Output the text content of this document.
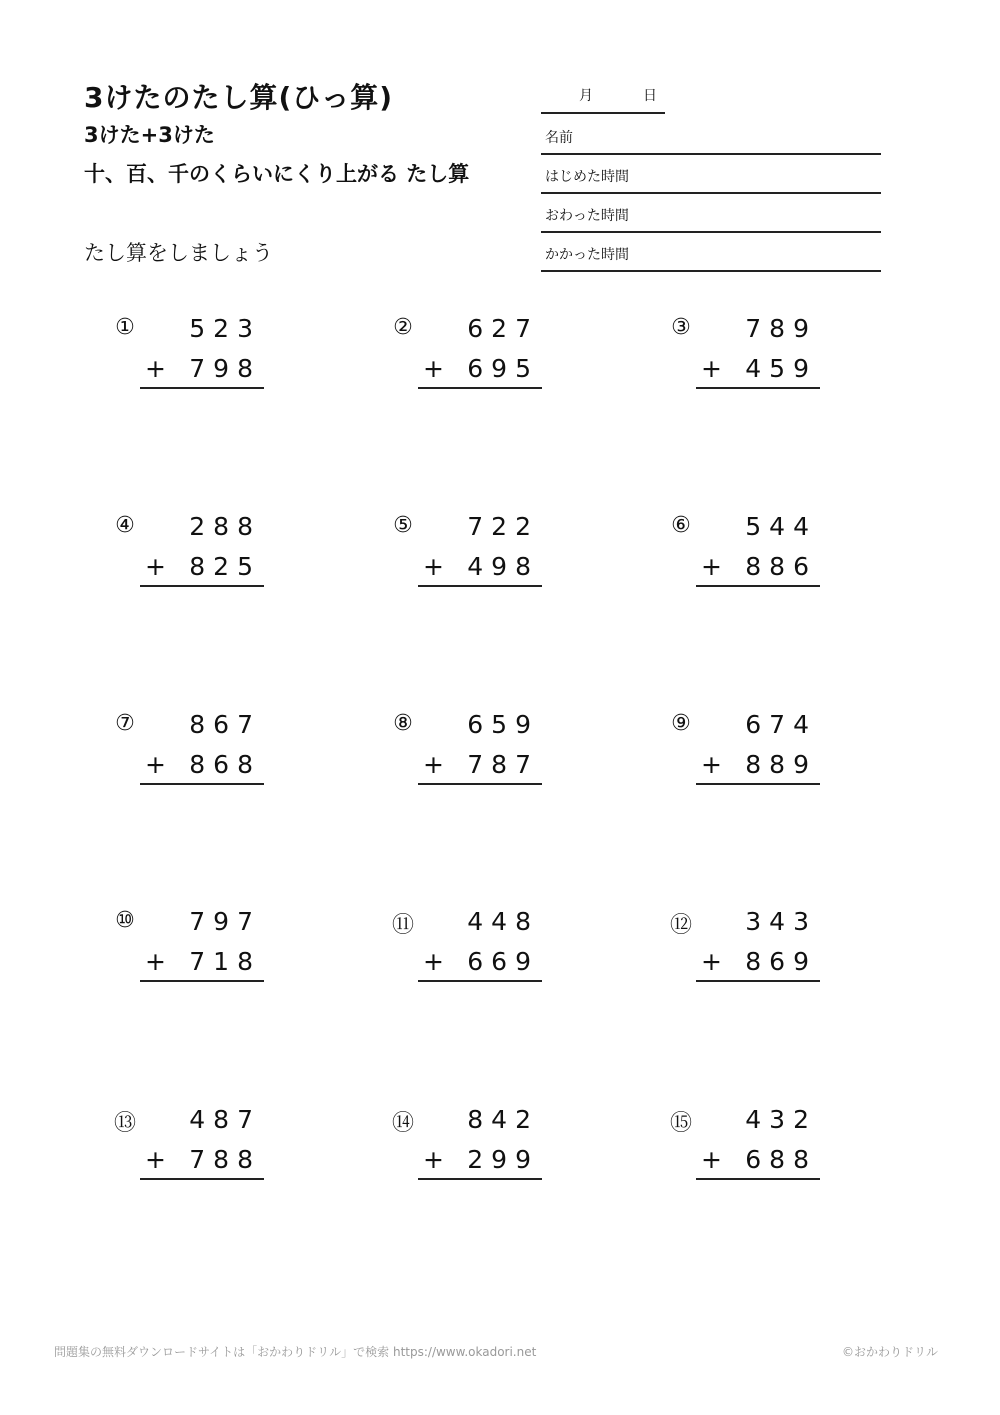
3けたのたし算(ひっ算)
3けた+3けた
十、百、千のくらいにくり上がる たし算
たし算をしましょう
月	日
名前
はじめた時間
おわった時間
かかった時間
①	523
+ 798
②	627
+ 695
③	789
+ 459
④	288
+ 825
⑤	722
+ 498
⑥	544
+ 886
⑦	867
+ 868
⑧	659
+ 787
⑨	674
+ 889
⑩	797
+ 718
⑪	448
+ 669
⑫	343
+ 869
⑬	487
+ 788
⑭	842
+ 299
⑮	432
+ 688
問題集の無料ダウンロードサイトは「おかわりドリル」で検索 https://www.okadori.net	©おかわりドリル
